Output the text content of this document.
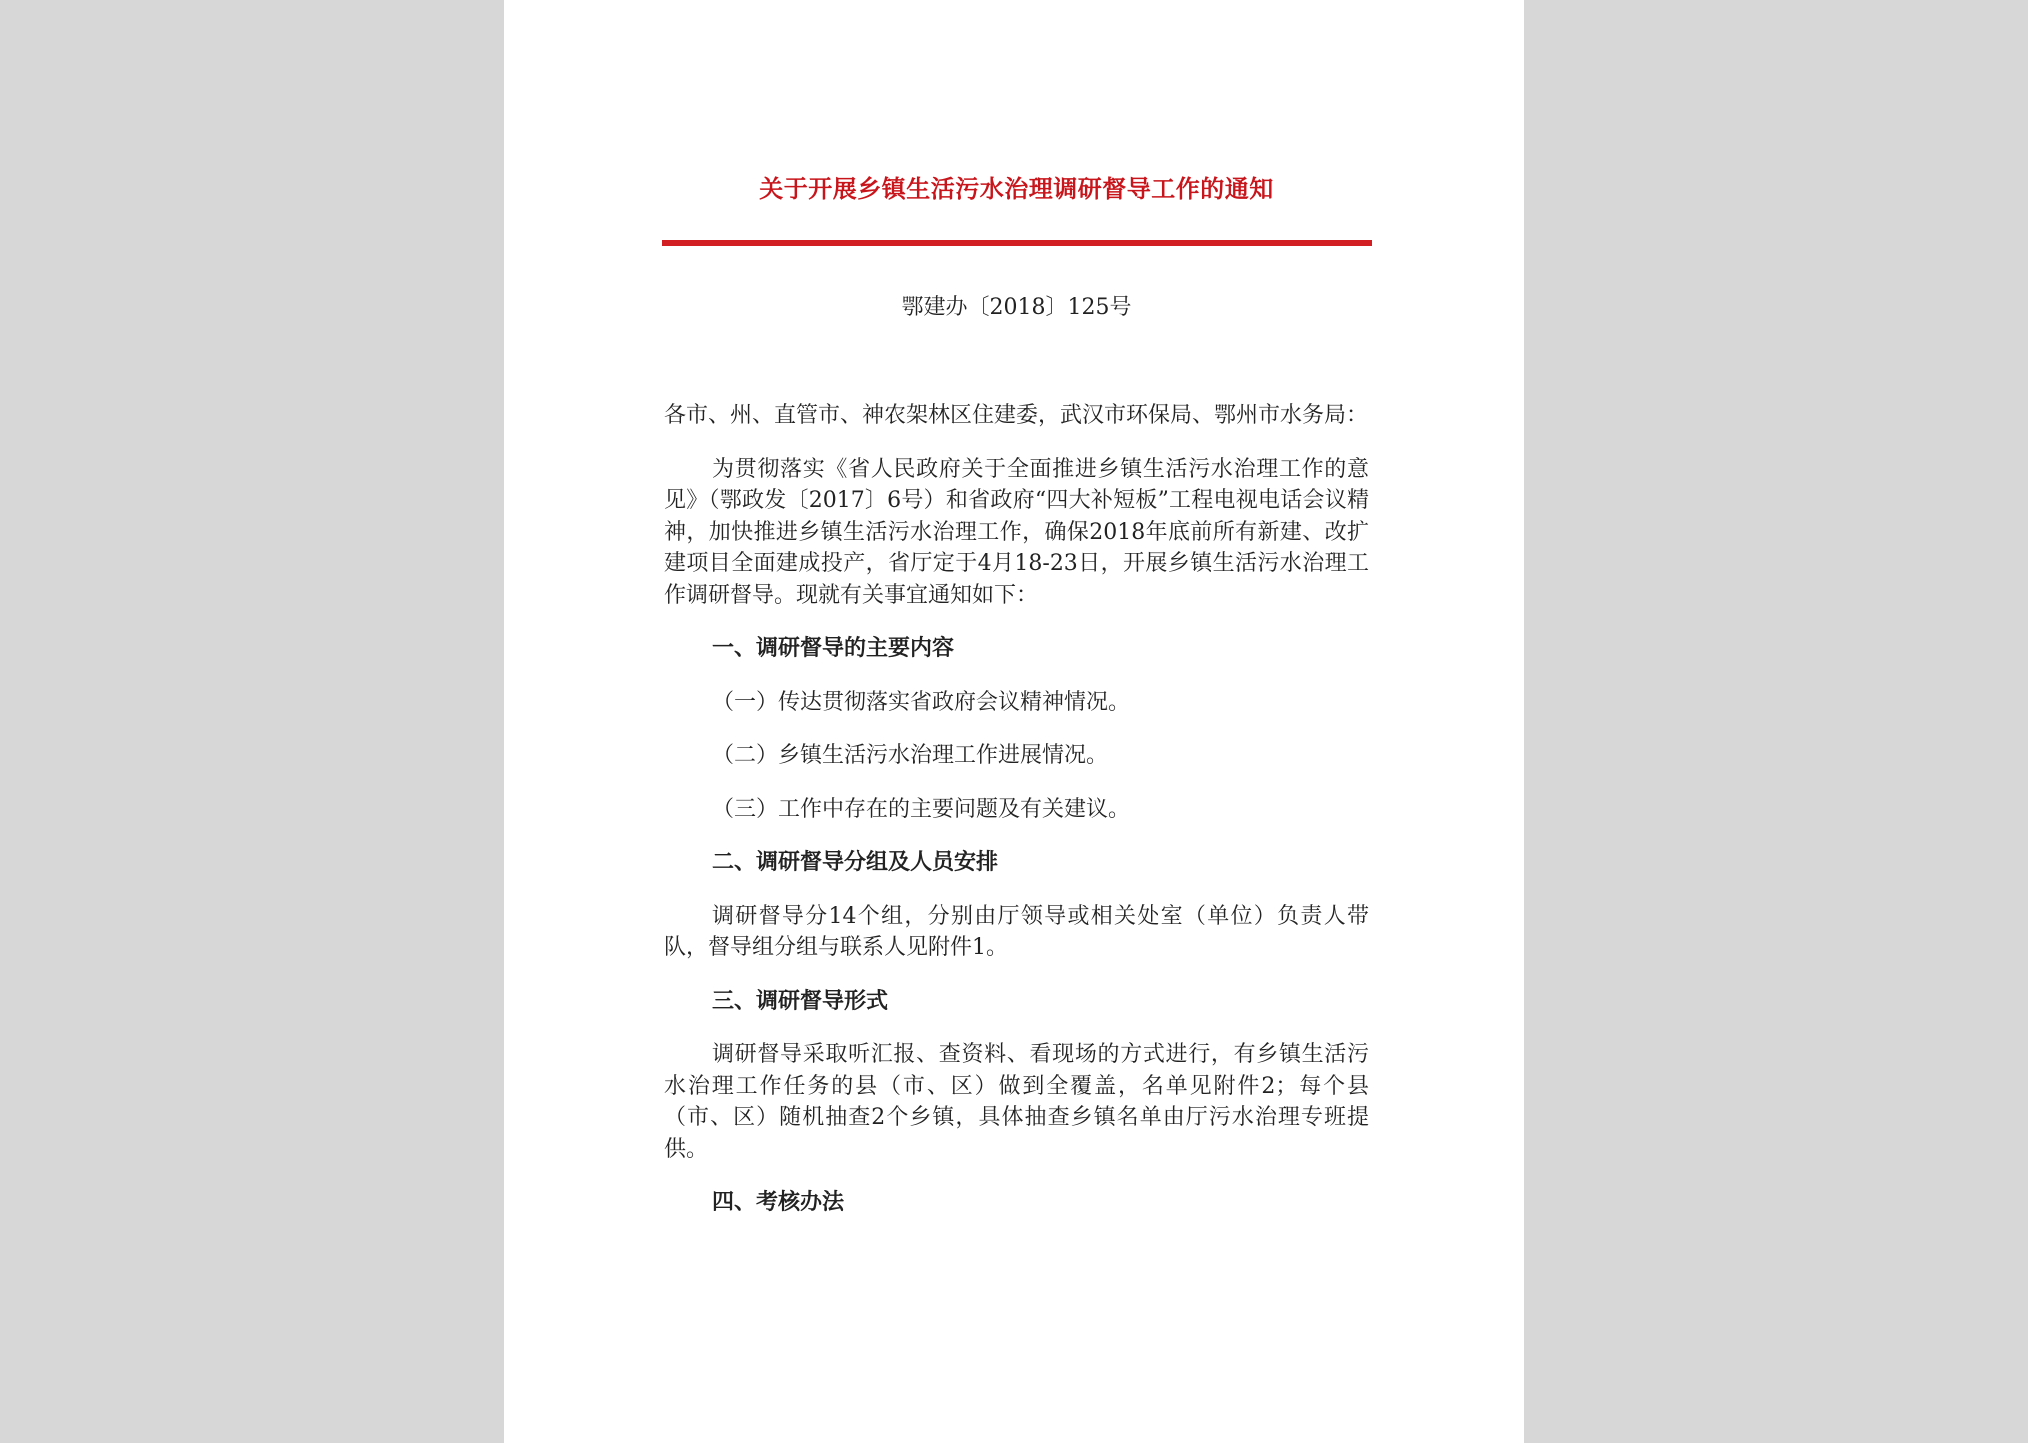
关于开展乡镇生活污水治理调研督导工作的通知
鄂建办〔2018〕125号

各市、州、直管市、神农架林区住建委，武汉市环保局、鄂州市水务局：

为贯彻落实《省人民政府关于全面推进乡镇生活污水治理工作的意见》（鄂政发〔2017〕6号）和省政府“四大补短板”工程电视电话会议精神，加快推进乡镇生活污水治理工作，确保2018年底前所有新建、改扩建项目全面建成投产，省厅定于4月18-23日，开展乡镇生活污水治理工作调研督导。现就有关事宜通知如下：

一、调研督导的主要内容

（一）传达贯彻落实省政府会议精神情况。

（二）乡镇生活污水治理工作进展情况。

（三）工作中存在的主要问题及有关建议。

二、调研督导分组及人员安排

调研督导分14个组，分别由厅领导或相关处室（单位）负责人带队，督导组分组与联系人见附件1。

三、调研督导形式

调研督导采取听汇报、查资料、看现场的方式进行，有乡镇生活污水治理工作任务的县（市、区）做到全覆盖，名单见附件2；每个县（市、区）随机抽查2个乡镇，具体抽查乡镇名单由厅污水治理专班提供。

四、考核办法
